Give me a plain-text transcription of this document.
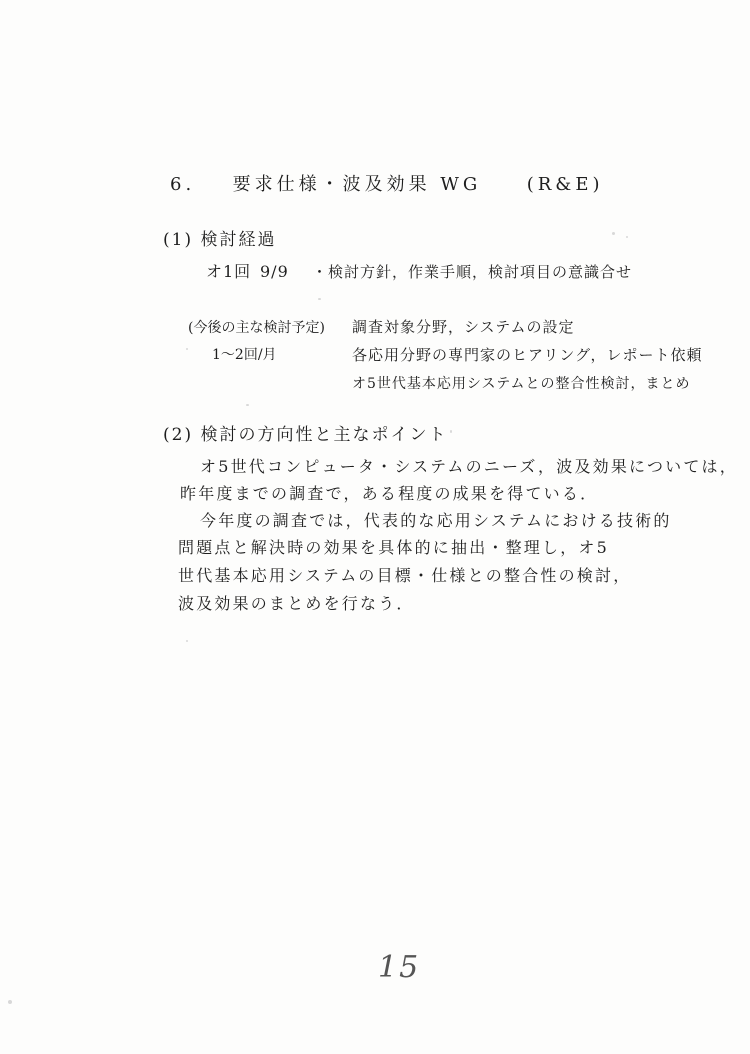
6. 要求仕様・波及効果 WG	(R&E)
(1) 検討経過
オ1回 9/9 ・検討方針，作業手順，検討項目の意識合せ
(今後の主な検討予定) 調査対象分野，システムの設定
1～2回/月	各応用分野の専門家のヒアリング，レポート依頼
オ5世代基本応用システムとの整合性検討，まとめ
(2) 検討の方向性と主なポイント
オ5世代コンピュータ・システムのニーズ，波及効果については，
昨年度までの調査で，ある程度の成果を得ている．
今年度の調査では，代表的な応用システムにおける技術的
問題点と解決時の効果を具体的に抽出・整理し，オ5
世代基本応用システムの目標・仕様との整合性の検討，
波及効果のまとめを行なう．
15
